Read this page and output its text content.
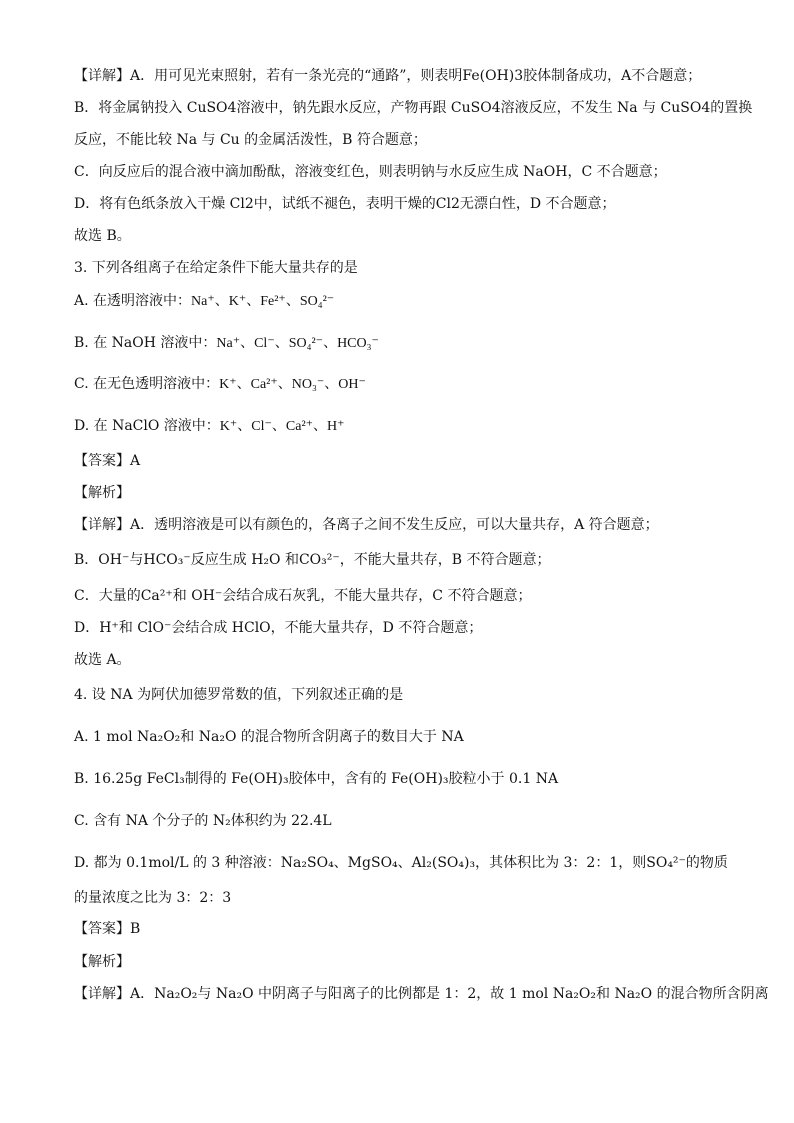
【详解】A．用可见光束照射，若有一条光亮的“通路”，则表明Fe(OH)3胶体制备成功，A不合题意；
B．将金属钠投入 CuSO4溶液中，钠先跟水反应，产物再跟 CuSO4溶液反应，不发生 Na 与 CuSO4的置换
反应，不能比较 Na 与 Cu 的金属活泼性，B 符合题意；
C．向反应后的混合液中滴加酚酞，溶液变红色，则表明钠与水反应生成 NaOH，C 不合题意；
D．将有色纸条放入干燥 Cl2中，试纸不褪色，表明干燥的Cl2无漂白性，D 不合题意；
故选 B。
3. 下列各组离子在给定条件下能大量共存的是
A. 在透明溶液中：Na⁺、K⁺、Fe²⁺、SO₄²⁻
B. 在 NaOH 溶液中：Na⁺、Cl⁻、SO₄²⁻、HCO₃⁻
C. 在无色透明溶液中：K⁺、Ca²⁺、NO₃⁻、OH⁻
D. 在 NaClO 溶液中：K⁺、Cl⁻、Ca²⁺、H⁺
【答案】A
【解析】
【详解】A．透明溶液是可以有颜色的，各离子之间不发生反应，可以大量共存，A 符合题意；
B．OH⁻与HCO₃⁻反应生成 H₂O 和CO₃²⁻，不能大量共存，B 不符合题意；
C．大量的Ca²⁺和 OH⁻会结合成石灰乳，不能大量共存，C 不符合题意；
D．H⁺和 ClO⁻会结合成 HClO，不能大量共存，D 不符合题意；
故选 A。
4. 设 NA 为阿伏加德罗常数的值，下列叙述正确的是
A. 1 mol Na₂O₂和 Na₂O 的混合物所含阴离子的数目大于 NA
B. 16.25g FeCl₃制得的 Fe(OH)₃胶体中，含有的 Fe(OH)₃胶粒小于 0.1 NA
C. 含有 NA 个分子的 N₂体积约为 22.4L
D. 都为 0.1mol/L 的 3 种溶液：Na₂SO₄、MgSO₄、Al₂(SO₄)₃，其体积比为 3：2：1，则SO₄²⁻的物质
的量浓度之比为 3：2：3
【答案】B
【解析】
【详解】A．Na₂O₂与 Na₂O 中阴离子与阳离子的比例都是 1：2，故 1 mol Na₂O₂和 Na₂O 的混合物所含阴离
